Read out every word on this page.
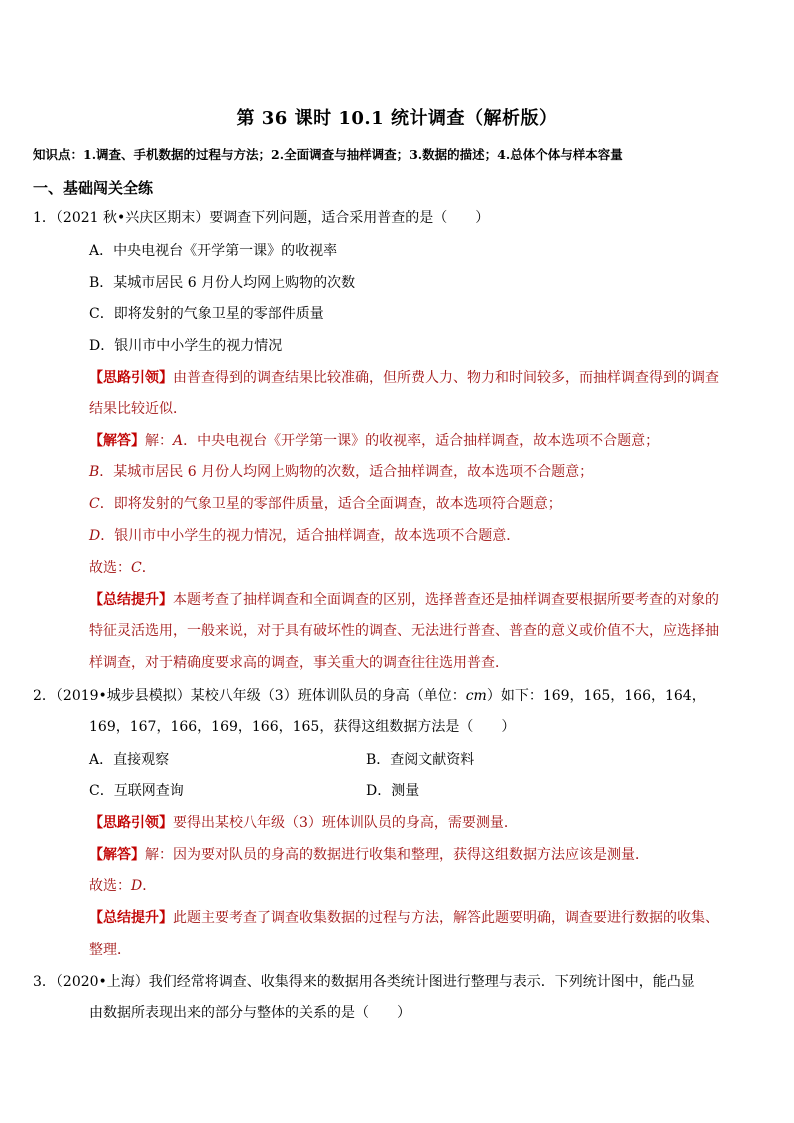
第 36 课时 10.1 统计调查（解析版）
知识点：1.调查、手机数据的过程与方法；2.全面调查与抽样调查；3.数据的描述；4.总体个体与样本容量
一、基础闯关全练
1．（2021 秋•兴庆区期末）要调查下列问题，适合采用普查的是（　　）
A．中央电视台《开学第一课》的收视率
B．某城市居民 6 月份人均网上购物的次数
C．即将发射的气象卫星的零部件质量
D．银川市中小学生的视力情况
【思路引领】由普查得到的调查结果比较准确，但所费人力、物力和时间较多，而抽样调查得到的调查
结果比较近似．
【解答】解：A．中央电视台《开学第一课》的收视率，适合抽样调查，故本选项不合题意；
B．某城市居民 6 月份人均网上购物的次数，适合抽样调查，故本选项不合题意；
C．即将发射的气象卫星的零部件质量，适合全面调查，故本选项符合题意；
D．银川市中小学生的视力情况，适合抽样调查，故本选项不合题意．
故选：C．
【总结提升】本题考查了抽样调查和全面调查的区别，选择普查还是抽样调查要根据所要考查的对象的
特征灵活选用，一般来说，对于具有破坏性的调查、无法进行普查、普查的意义或价值不大，应选择抽
样调查，对于精确度要求高的调查，事关重大的调查往往选用普查．
2．（2019•城步县模拟）某校八年级（3）班体训队员的身高（单位：cm）如下：169，165，166，164，
169，167，166，169，166，165，获得这组数据方法是（　　）
A．直接观察	B．查阅文献资料
C．互联网查询	D．测量
【思路引领】要得出某校八年级（3）班体训队员的身高，需要测量．
【解答】解：因为要对队员的身高的数据进行收集和整理，获得这组数据方法应该是测量．
故选：D．
【总结提升】此题主要考查了调查收集数据的过程与方法，解答此题要明确，调查要进行数据的收集、
整理．
3．（2020•上海）我们经常将调查、收集得来的数据用各类统计图进行整理与表示．下列统计图中，能凸显
由数据所表现出来的部分与整体的关系的是（　　）
